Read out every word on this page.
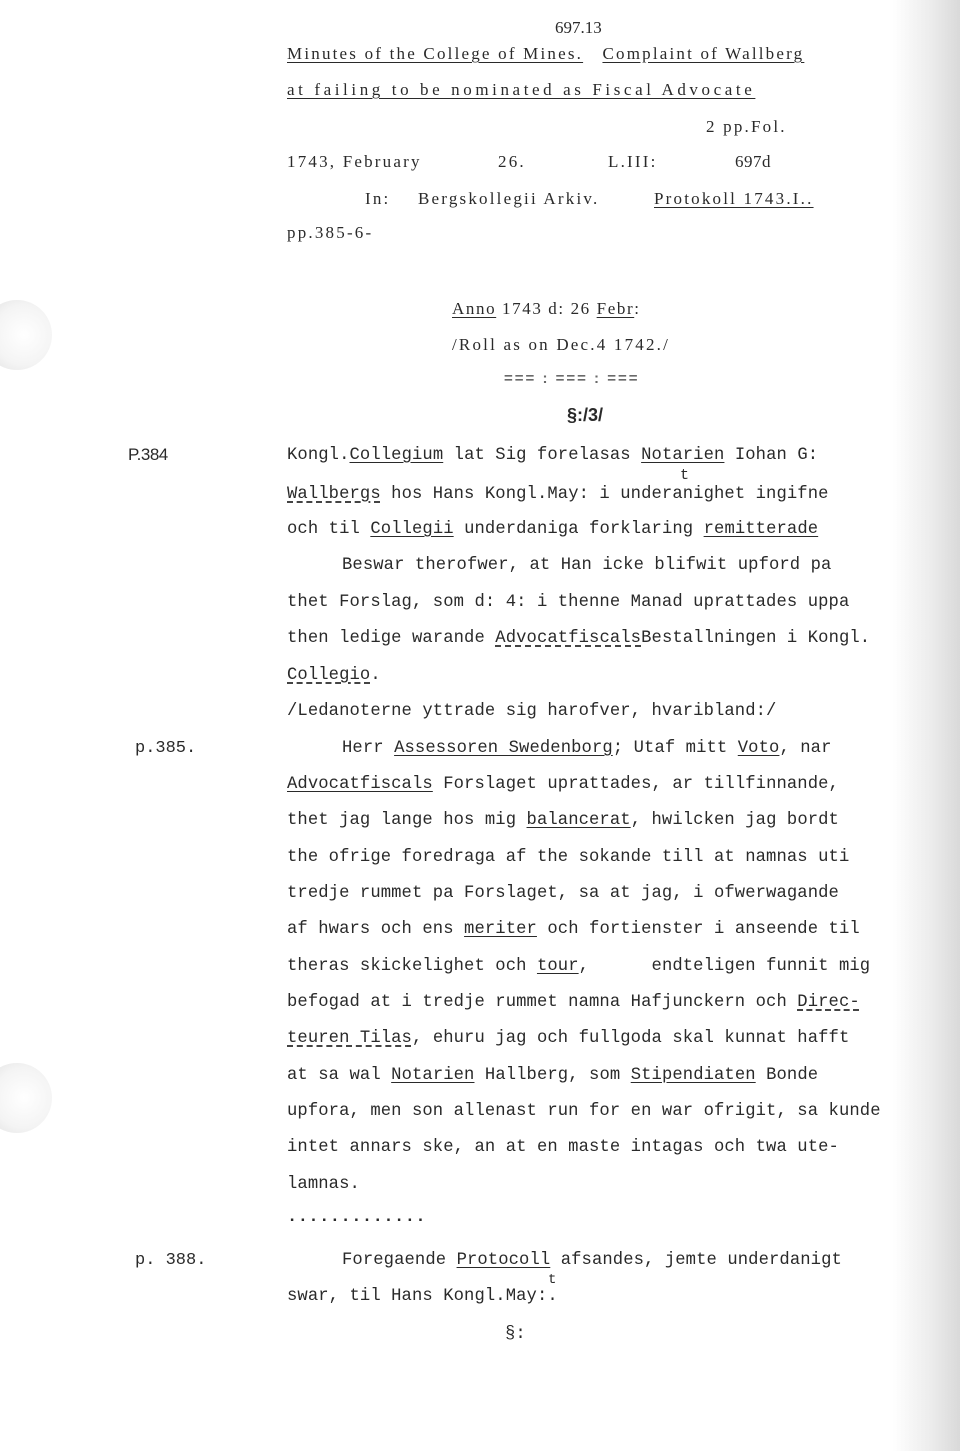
697.13
Minutes of the College of Mines. Complaint of Wallberg
at failing to be nominated as Fiscal Advocate
2 pp.Fol.
1743, February	26.	L.III:	697d
In: Bergskollegii Arkiv.	Protokoll 1743.I..
pp.385-6-
Anno 1743 d: 26 Febr:
/Roll as on Dec.4 1742./
=== : === : ===
§:/3/
P.384
p.385.
p. 388.
Kongl.Collegium lat Sig forelasas Notarien Iohan G:
t
Wallbergs hos Hans Kongl.May: i underanighet ingifne
och til Collegii underdaniga forklaring remitterade
Beswar therofwer, at Han icke blifwit upford pa
thet Forslag, som d: 4: i thenne Manad uprattades uppa
then ledige warande AdvocatfiscalsBestallningen i Kongl.
Collegio.
/Ledanoterne yttrade sig harofver, hvaribland:/
Herr Assessoren Swedenborg; Utaf mitt Voto, nar
Advocatfiscals Forslaget uprattades, ar tillfinnande,
thet jag lange hos mig balancerat, hwilcken jag bordt
the ofrige foredraga af the sokande till at namnas uti
tredje rummet pa Forslaget, sa at jag, i ofwerwagande
af hwars och ens meriter och fortienster i anseende til
theras skickelighet och tour,      endteligen funnit mig
befogad at i tredje rummet namna Hafjunckern och Direc-
teuren Tilas, ehuru jag och fullgoda skal kunnat hafft
at sa wal Notarien Hallberg, som Stipendiaten Bonde
upfora, men son allenast run for en war ofrigit, sa kunde
intet annars ske, an at en maste intagas och twa ute-
lamnas.
.............
Foregaende Protocoll afsandes, jemte underdanigt
t
swar, til Hans Kongl.May:.
§:
